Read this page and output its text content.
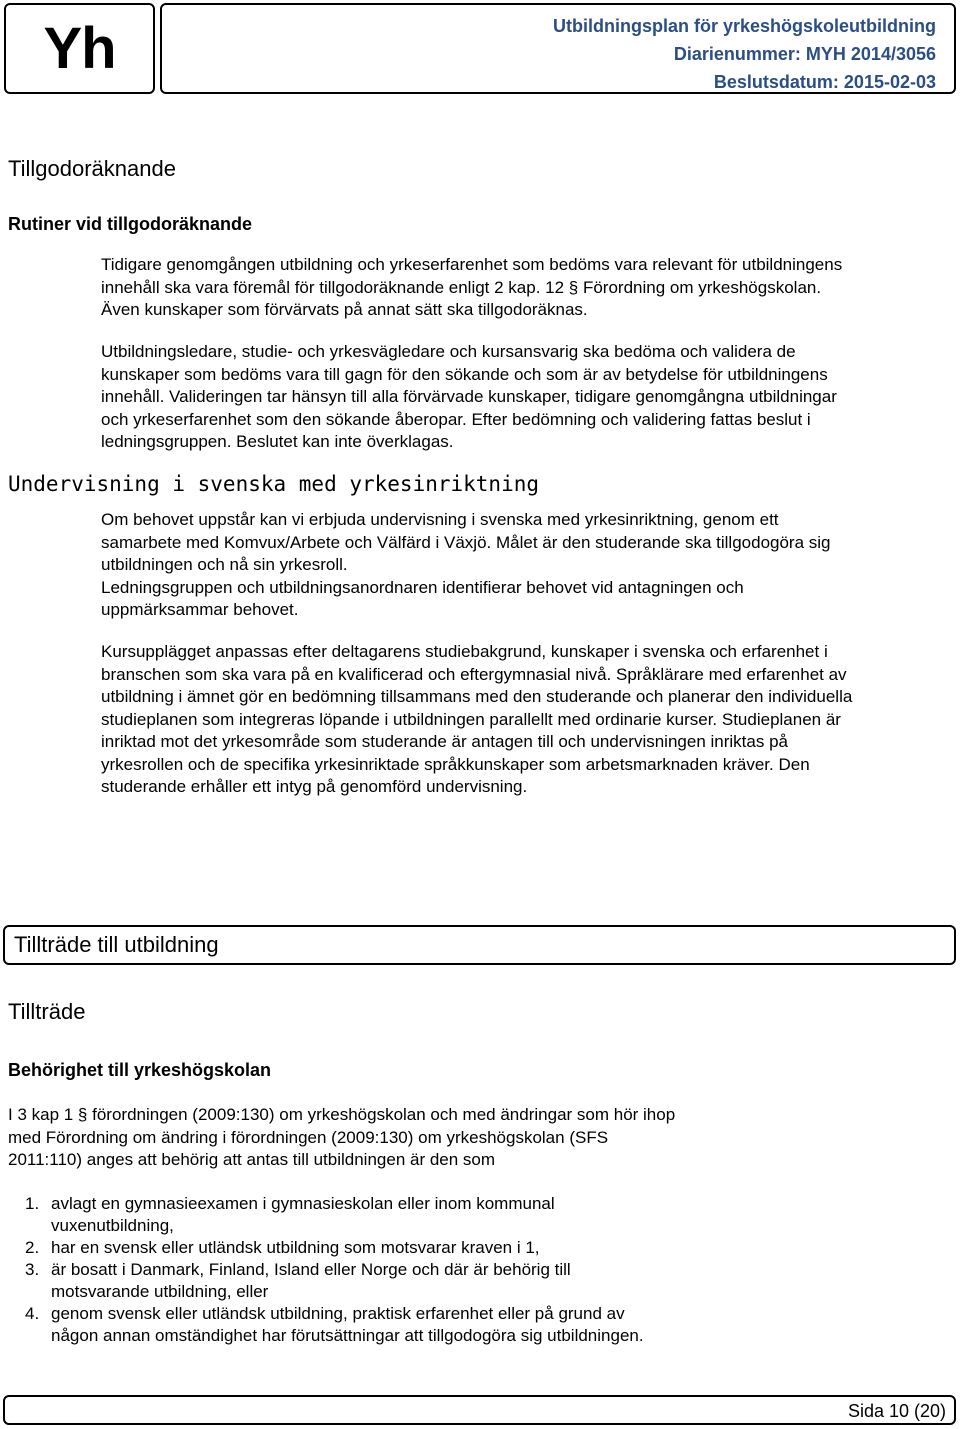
Yh	Utbildningsplan för yrkeshögskoleutbildning
Diarienummer: MYH 2014/3056
Beslutsdatum: 2015-02-03
Tillgodoräknande
Rutiner vid tillgodoräknande

Tidigare genomgången utbildning och yrkeserfarenhet som bedöms vara relevant för utbildningens

innehåll ska vara föremål för tillgodoräknande enligt 2 kap. 12 § Förordning om yrkeshögskolan.

Även kunskaper som förvärvats på annat sätt ska tillgodoräknas.

Utbildningsledare, studie- och yrkesvägledare och kursansvarig ska bedöma och validera de

kunskaper som bedöms vara till gagn för den sökande och som är av betydelse för utbildningens

innehåll. Valideringen tar hänsyn till alla förvärvade kunskaper, tidigare genomgångna utbildningar

och yrkeserfarenhet som den sökande åberopar. Efter bedömning och validering fattas beslut i

ledningsgruppen. Beslutet kan inte överklagas.

Undervisning i svenska med yrkesinriktning

Om behovet uppstår kan vi erbjuda undervisning i svenska med yrkesinriktning, genom ett

samarbete med Komvux/Arbete och Välfärd i Växjö. Målet är den studerande ska tillgodogöra sig

utbildningen och nå sin yrkesroll.

Ledningsgruppen och utbildningsanordnaren identifierar behovet vid antagningen och

uppmärksammar behovet.

Kursupplägget anpassas efter deltagarens studiebakgrund, kunskaper i svenska och erfarenhet i

branschen som ska vara på en kvalificerad och eftergymnasial nivå. Språklärare med erfarenhet av

utbildning i ämnet gör en bedömning tillsammans med den studerande och planerar den individuella

studieplanen som integreras löpande i utbildningen parallellt med ordinarie kurser. Studieplanen är

inriktad mot det yrkesområde som studerande är antagen till och undervisningen inriktas på

yrkesrollen och de specifika yrkesinriktade språkkunskaper som arbetsmarknaden kräver. Den

studerande erhåller ett intyg på genomförd undervisning.

Tillträde till utbildning
Tillträde
Behörighet till yrkeshögskolan

I 3 kap 1 § förordningen (2009:130) om yrkeshögskolan och med ändringar som hör ihop

med Förordning om ändring i förordningen (2009:130) om yrkeshögskolan (SFS

2011:110) anges att behörig att antas till utbildningen är den som

1. avlagt en gymnasieexamen i gymnasieskolan eller inom kommunal
vuxenutbildning,
2. har en svensk eller utländsk utbildning som motsvarar kraven i 1,
3. är bosatt i Danmark, Finland, Island eller Norge och där är behörig till
motsvarande utbildning, eller
4. genom svensk eller utländsk utbildning, praktisk erfarenhet eller på grund av
någon annan omständighet har förutsättningar att tillgodogöra sig utbildningen.
Sida 10 (20)
